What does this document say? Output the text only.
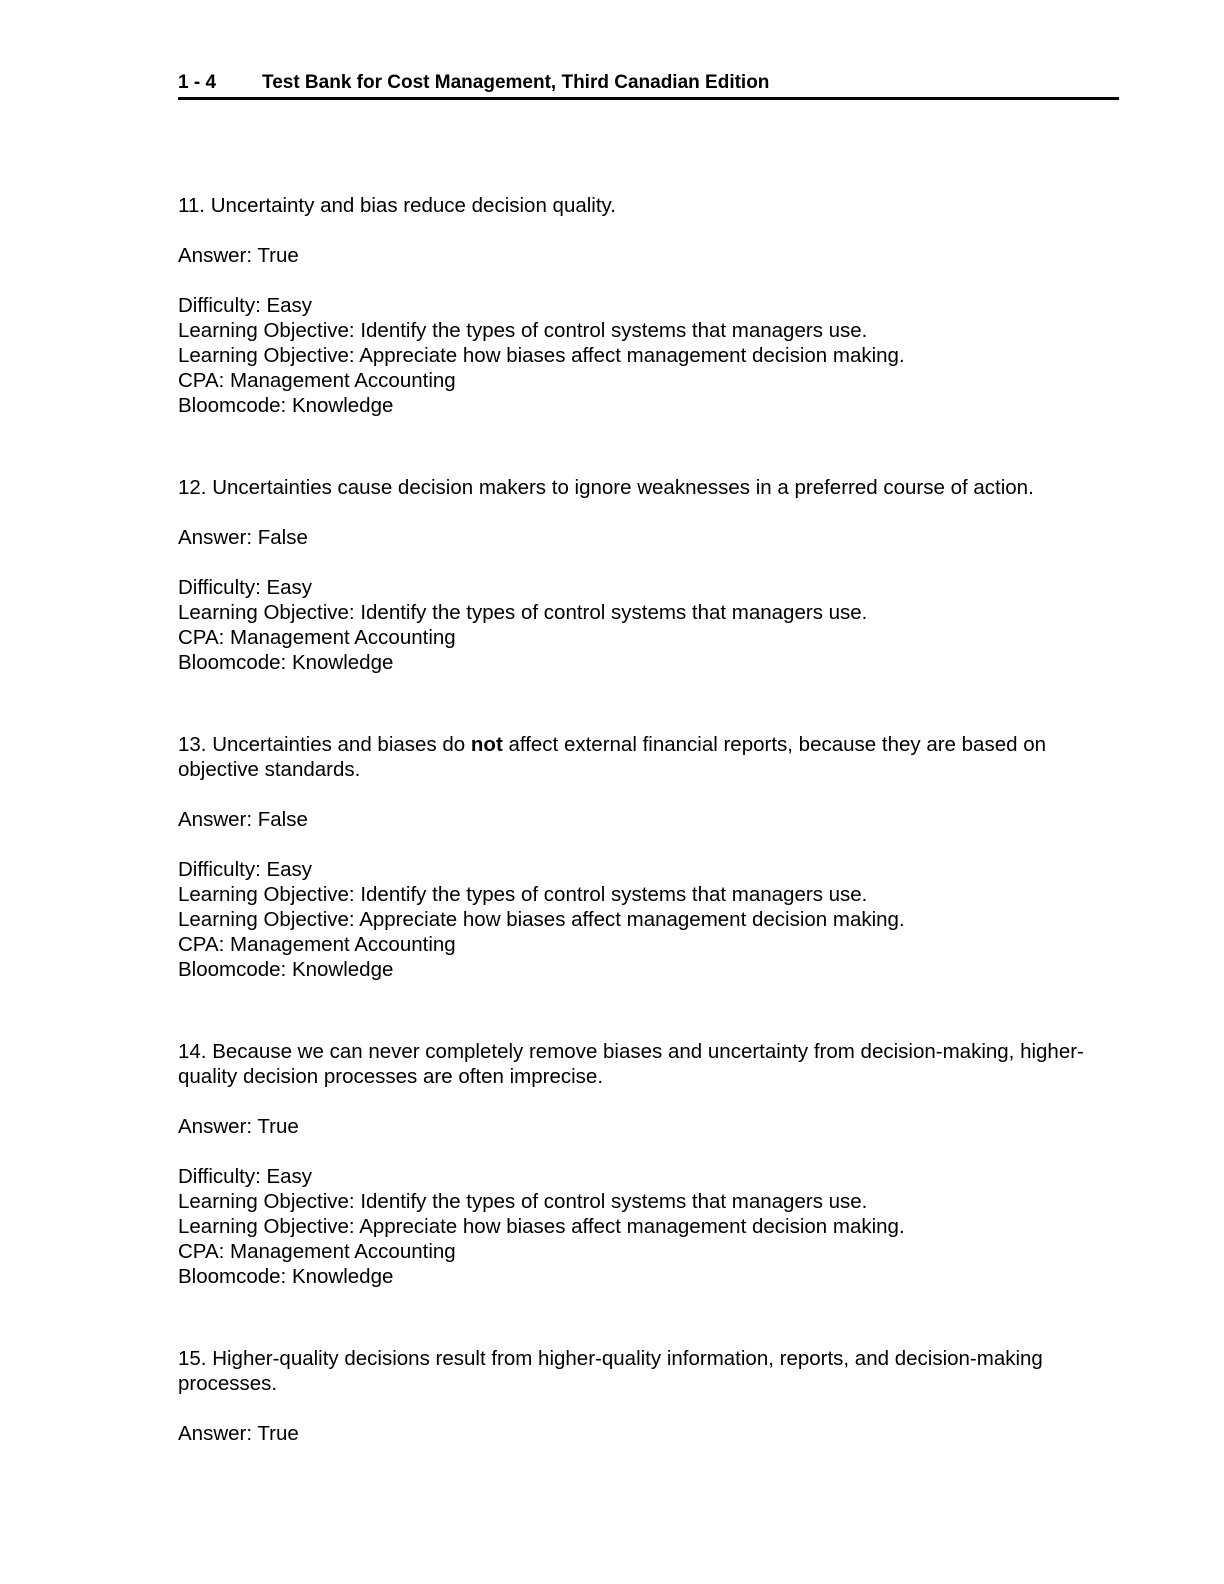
1 - 4 Test Bank for Cost Management, Third Canadian Edition

11. Uncertainty and bias reduce decision quality.

Answer: True

Difficulty: Easy

Learning Objective: Identify the types of control systems that managers use.

Learning Objective: Appreciate how biases affect management decision making.

CPA: Management Accounting

Bloomcode: Knowledge

12. Uncertainties cause decision makers to ignore weaknesses in a preferred course of action.

Answer: False

Difficulty: Easy

Learning Objective: Identify the types of control systems that managers use.

CPA: Management Accounting

Bloomcode: Knowledge

13. Uncertainties and biases do not affect external financial reports, because they are based on objective standards.

Answer: False

Difficulty: Easy

Learning Objective: Identify the types of control systems that managers use.

Learning Objective: Appreciate how biases affect management decision making.

CPA: Management Accounting

Bloomcode: Knowledge

14. Because we can never completely remove biases and uncertainty from decision-making, higher-quality decision processes are often imprecise.

Answer: True

Difficulty: Easy

Learning Objective: Identify the types of control systems that managers use.

Learning Objective: Appreciate how biases affect management decision making.

CPA: Management Accounting

Bloomcode: Knowledge

15. Higher-quality decisions result from higher-quality information, reports, and decision-making processes.

Answer: True
